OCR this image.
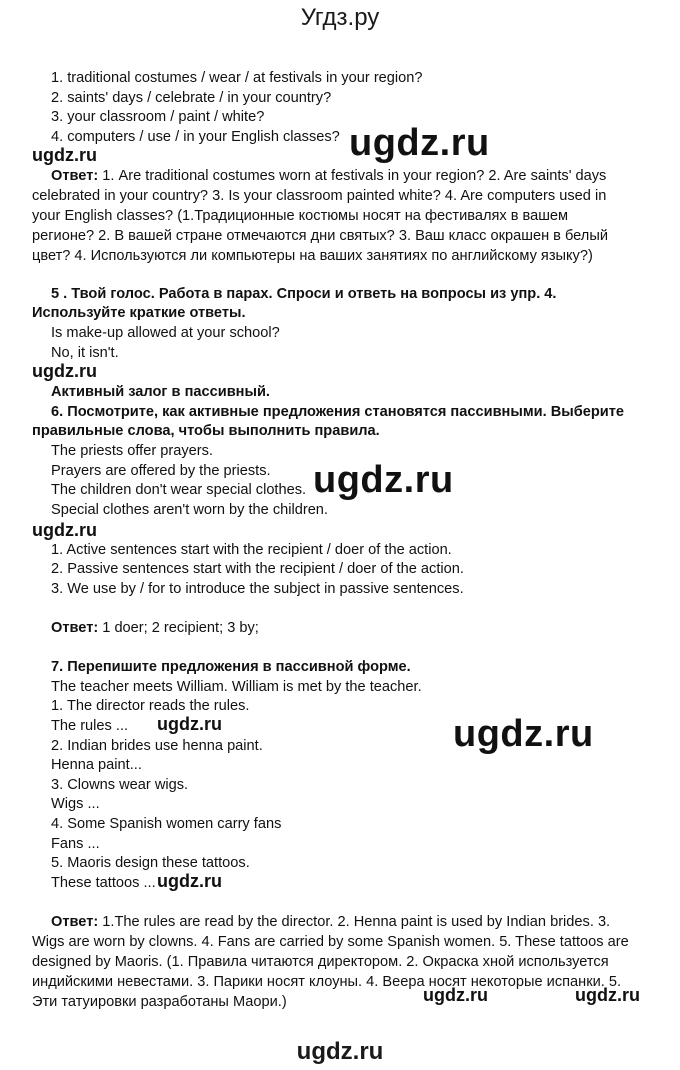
Угдз.ру
1. traditional costumes / wear / at festivals in your region?
2. saints' days / celebrate / in your country?
3. your classroom / paint / white?
4. computers / use / in your English classes?
Ответ: 1. Are traditional costumes worn at festivals in your region? 2. Are saints' days celebrated in your country? 3. Is your classroom painted white? 4. Are computers used in your English classes? (1.Традиционные костюмы носят на фестивалях в вашем регионе? 2. В вашей стране отмечаются дни святых? 3. Ваш класс окрашен в белый цвет? 4. Используются ли компьютеры на ваших занятиях по английскому языку?)
5 . Твой голос. Работа в парах. Спроси и ответь на вопросы из упр. 4.
Используйте краткие ответы.
Is make-up allowed at your school?
No, it isn't.
Активный залог в пассивный.
6. Посмотрите, как активные предложения становятся пассивными. Выберите
правильные слова, чтобы выполнить правила.
The priests offer prayers.
Prayers are offered by the priests.
The children don't wear special clothes.
Special clothes aren't worn by the children.
1. Active sentences start with the recipient / doer of the action.
2. Passive sentences start with the recipient / doer of the action.
3. We use by / for to introduce the subject in passive sentences.
Ответ: 1 doer; 2 recipient; 3 by;
7. Перепишите предложения в пассивной форме.
The teacher meets William. William is met by the teacher.
1. The director reads the rules.
The rules ...
2. Indian brides use henna paint.
Henna paint...
3. Clowns wear wigs.
Wigs ...
4. Some Spanish women carry fans
Fans ...
5. Maoris design these tattoos.
These tattoos ...
Ответ: 1.The rules are read by the director. 2. Henna paint is used by Indian brides. 3. Wigs are worn by clowns. 4. Fans are carried by some Spanish women. 5. These tattoos are designed by Maoris. (1. Правила читаются директором. 2. Окраска хной используется индийскими невестами. 3. Парики носят клоуны. 4. Веера носят некоторые испанки. 5. Эти татуировки разработаны Маори.)
ugdz.ru
ugdz.ru
ugdz.ru
ugdz.ru
ugdz.ru
ugdz.ru	ugdz.ru
ugdz.ru
ugdz.ru	ugdz.ru
ugdz.ru
